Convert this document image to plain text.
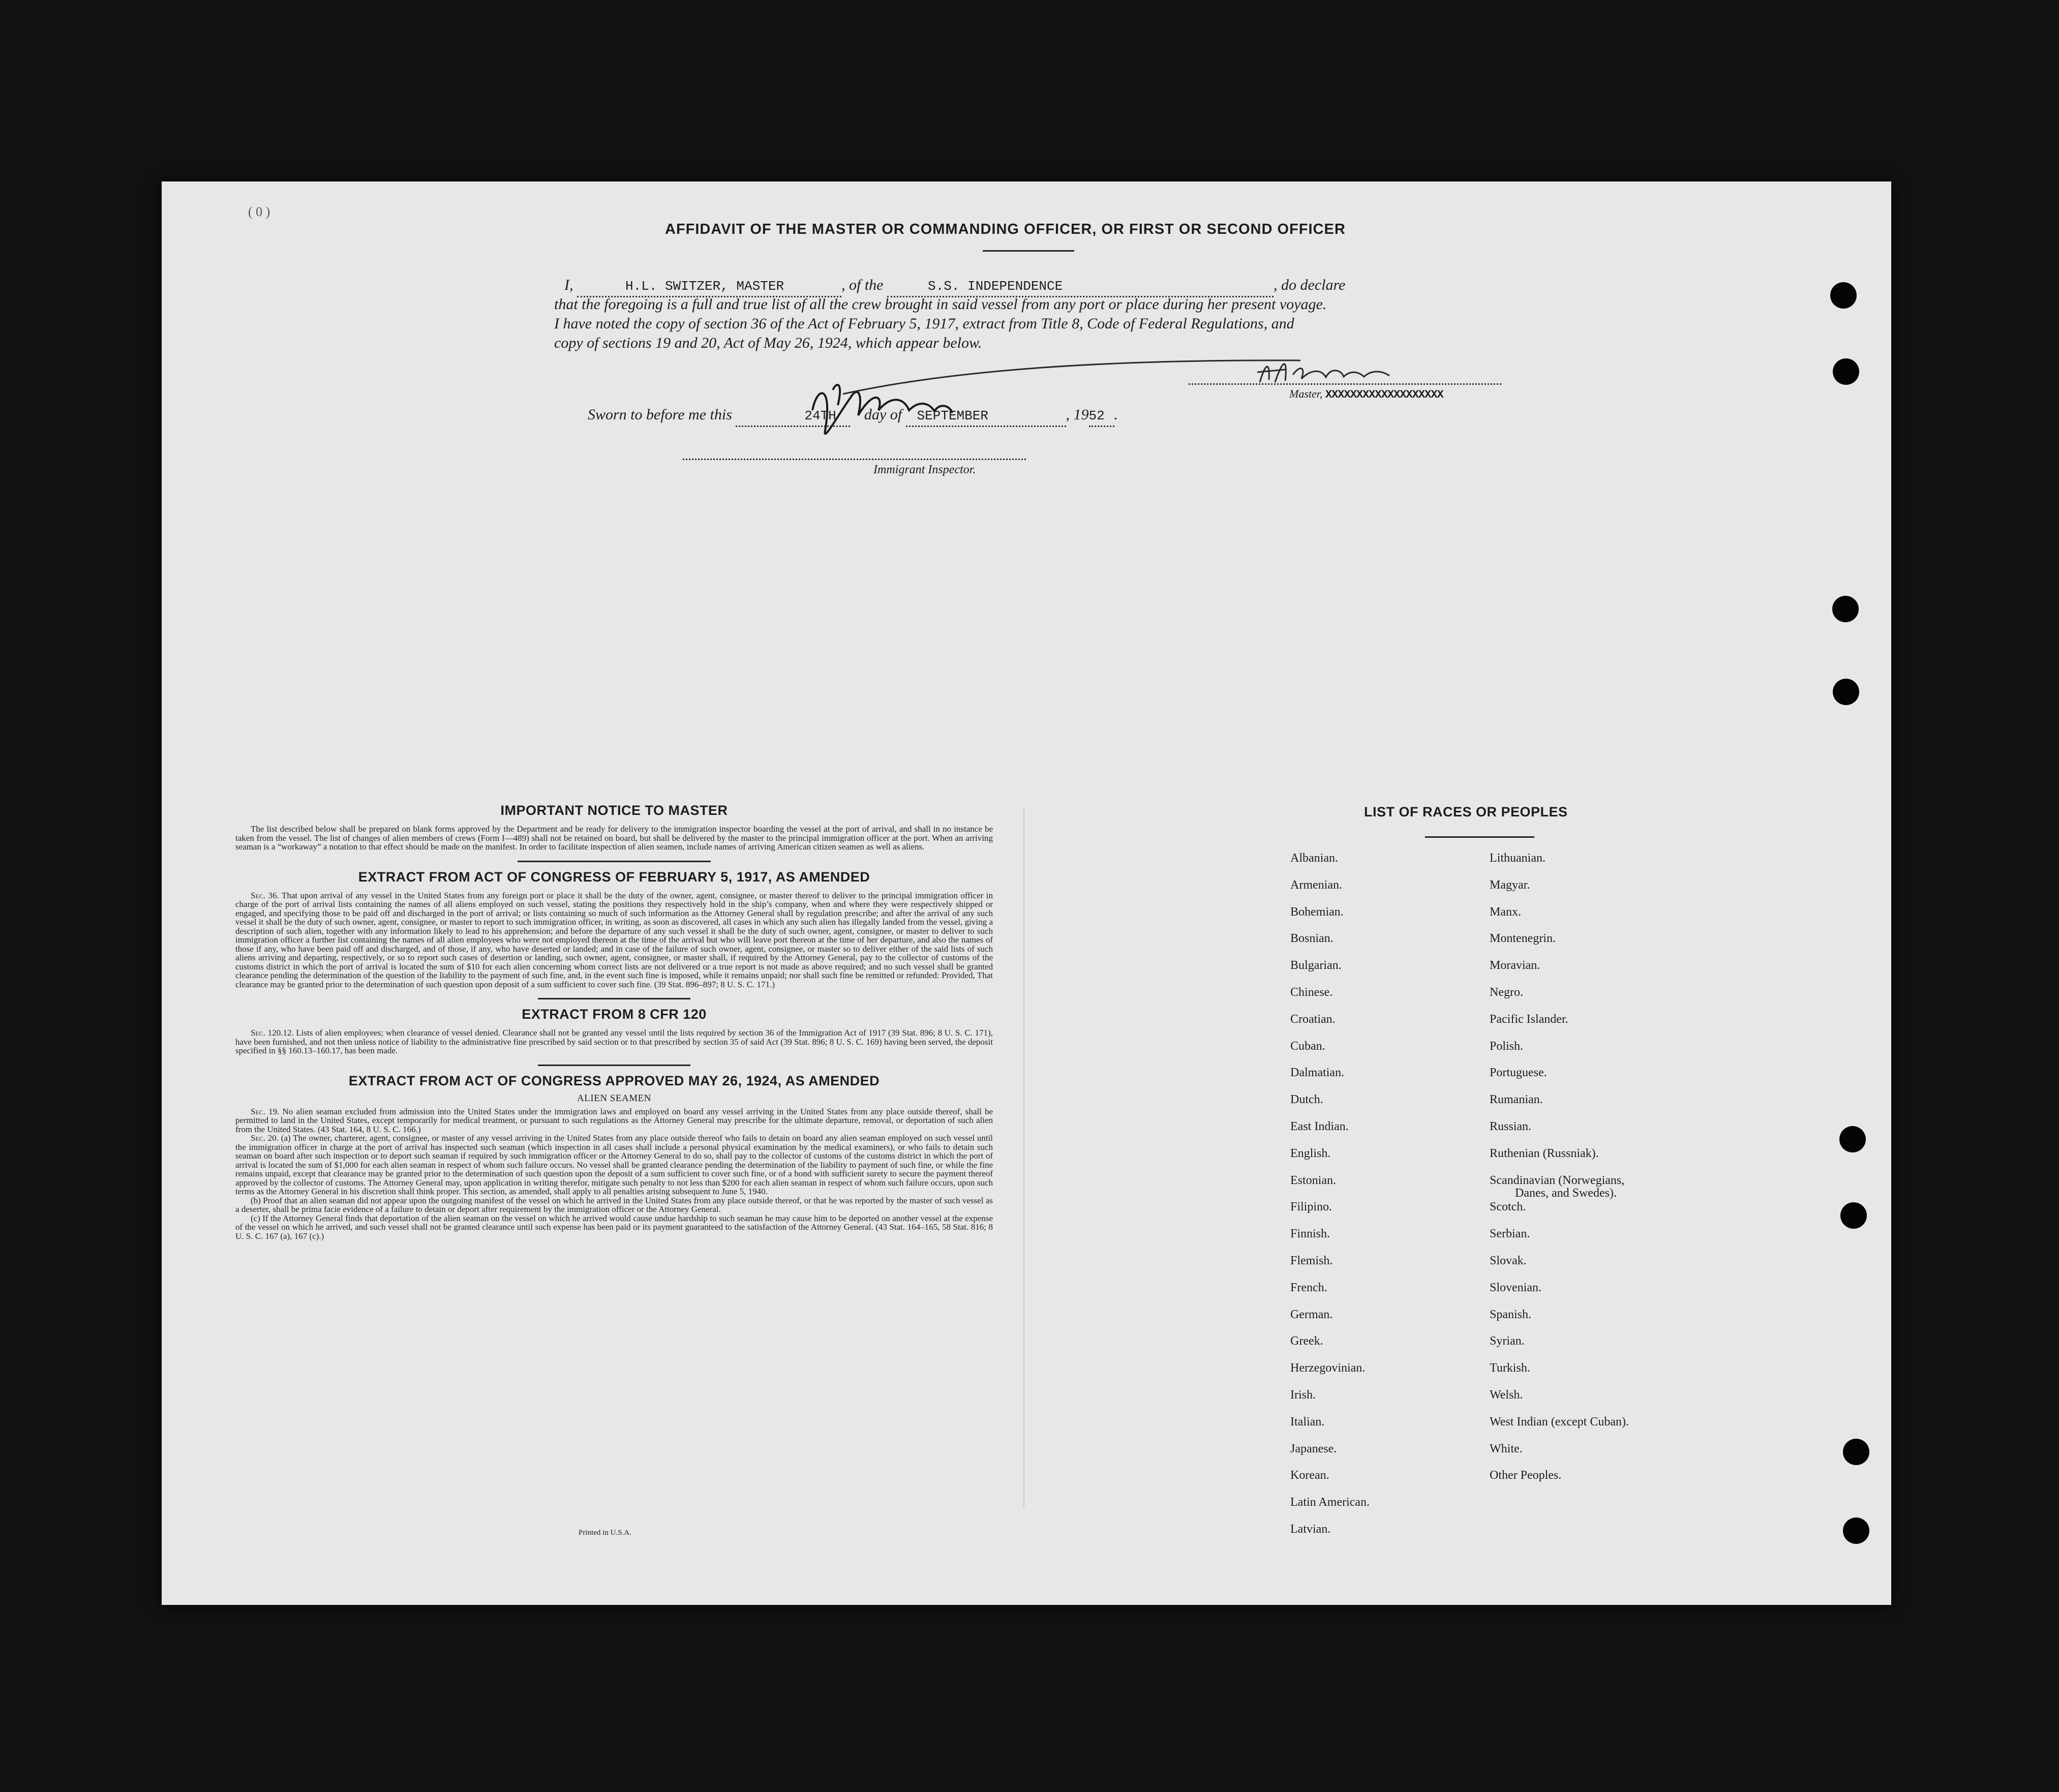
( 0 )
AFFIDAVIT OF THE MASTER OR COMMANDING OFFICER, OR FIRST OR SECOND OFFICER
I,	H.L. SWITZER, MASTER	, of the	S.S. INDEPENDENCE	, do declare
that the foregoing is a full and true list of all the crew brought in said vessel from any port or place during her present voyage.
I have noted the copy of section 36 of the Act of February 5, 1917, extract from Title 8, Code of Federal Regulations, and
copy of sections 19 and 20, Act of May 26, 1924, which appear below.
Master, XXXXXXXXXXXXXXXXXXX
Sworn to before me this	24TH day of SEPTEMBER	, 1952 .
Immigrant Inspector.
IMPORTANT NOTICE TO MASTER

The list described below shall be prepared on blank forms approved by the Department and be ready for delivery to the immigration inspector boarding the vessel at the port of arrival, and shall in no instance be taken from the vessel. The list of changes of alien members of crews (Form I—489) shall not be retained on board, but shall be delivered by the master to the principal immigration officer at the port. When an arriving seaman is a “workaway” a notation to that effect should be made on the manifest. In order to facilitate inspection of alien seamen, include names of arriving American citizen seamen as well as aliens.

EXTRACT FROM ACT OF CONGRESS OF FEBRUARY 5, 1917, AS AMENDED

Sec. 36. That upon arrival of any vessel in the United States from any foreign port or place it shall be the duty of the owner, agent, consignee, or master thereof to deliver to the principal immigration officer in charge of the port of arrival lists containing the names of all aliens employed on such vessel, stating the positions they respectively hold in the ship’s company, when and where they were respectively shipped or engaged, and specifying those to be paid off and discharged in the port of arrival; or lists containing so much of such information as the Attorney General shall by regulation prescribe; and after the arrival of any such vessel it shall be the duty of such owner, agent, consignee, or master to report to such immigration officer, in writing, as soon as discovered, all cases in which any such alien has illegally landed from the vessel, giving a description of such alien, together with any information likely to lead to his apprehension; and before the departure of any such vessel it shall be the duty of such owner, agent, consignee, or master to deliver to such immigration officer a further list containing the names of all alien employees who were not employed thereon at the time of the arrival but who will leave port thereon at the time of her departure, and also the names of those if any, who have been paid off and discharged, and of those, if any, who have deserted or landed; and in case of the failure of such owner, agent, consignee, or master so to deliver either of the said lists of such aliens arriving and departing, respectively, or so to report such cases of desertion or landing, such owner, agent, consignee, or master shall, if required by the Attorney General, pay to the collector of customs of the customs district in which the port of arrival is located the sum of $10 for each alien concerning whom correct lists are not delivered or a true report is not made as above required; and no such vessel shall be granted clearance pending the determination of the question of the liability to the payment of such fine, and, in the event such fine is imposed, while it remains unpaid; nor shall such fine be remitted or refunded: Provided, That clearance may be granted prior to the determination of such question upon deposit of a sum sufficient to cover such fine. (39 Stat. 896–897; 8 U. S. C. 171.)

EXTRACT FROM 8 CFR 120

Sec. 120.12. Lists of alien employees; when clearance of vessel denied. Clearance shall not be granted any vessel until the lists required by section 36 of the Immigration Act of 1917 (39 Stat. 896; 8 U. S. C. 171), have been furnished, and not then unless notice of liability to the administrative fine prescribed by said section or to that prescribed by section 35 of said Act (39 Stat. 896; 8 U. S. C. 169) having been served, the deposit specified in §§ 160.13–160.17, has been made.

EXTRACT FROM ACT OF CONGRESS APPROVED MAY 26, 1924, AS AMENDED
ALIEN SEAMEN

Sec. 19. No alien seaman excluded from admission into the United States under the immigration laws and employed on board any vessel arriving in the United States from any place outside thereof, shall be permitted to land in the United States, except temporarily for medical treatment, or pursuant to such regulations as the Attorney General may prescribe for the ultimate departure, removal, or deportation of such alien from the United States. (43 Stat. 164, 8 U. S. C. 166.)

Sec. 20. (a) The owner, charterer, agent, consignee, or master of any vessel arriving in the United States from any place outside thereof who fails to detain on board any alien seaman employed on such vessel until the immigration officer in charge at the port of arrival has inspected such seaman (which inspection in all cases shall include a personal physical examination by the medical examiners), or who fails to detain such seaman on board after such inspection or to deport such seaman if required by such immigration officer or the Attorney General to do so, shall pay to the collector of customs of the customs district in which the port of arrival is located the sum of $1,000 for each alien seaman in respect of whom such failure occurs. No vessel shall be granted clearance pending the determination of the liability to payment of such fine, or while the fine remains unpaid, except that clearance may be granted prior to the determination of such question upon the deposit of a sum sufficient to cover such fine, or of a bond with sufficient surety to secure the payment thereof approved by the collector of customs. The Attorney General may, upon application in writing therefor, mitigate such penalty to not less than $200 for each alien seaman in respect of whom such failure occurs, upon such terms as the Attorney General in his discretion shall think proper. This section, as amended, shall apply to all penalties arising subsequent to June 5, 1940.

(b) Proof that an alien seaman did not appear upon the outgoing manifest of the vessel on which he arrived in the United States from any place outside thereof, or that he was reported by the master of such vessel as a deserter, shall be prima facie evidence of a failure to detain or deport after requirement by the immigration officer or the Attorney General.

(c) If the Attorney General finds that deportation of the alien seaman on the vessel on which he arrived would cause undue hardship to such seaman he may cause him to be deported on another vessel at the expense of the vessel on which he arrived, and such vessel shall not be granted clearance until such expense has been paid or its payment guaranteed to the satisfaction of the Attorney General. (43 Stat. 164–165, 58 Stat. 816; 8 U. S. C. 167 (a), 167 (c).)

Printed in U.S.A.
LIST OF RACES OR PEOPLES
Albanian.
Armenian.
Bohemian.
Bosnian.
Bulgarian.
Chinese.
Croatian.
Cuban.
Dalmatian.
Dutch.
East Indian.
English.
Estonian.
Filipino.
Finnish.
Flemish.
French.
German.
Greek.
Herzegovinian.
Irish.
Italian.
Japanese.
Korean.
Latin American.
Latvian.
Lithuanian.
Magyar.
Manx.
Montenegrin.
Moravian.
Negro.
Pacific Islander.
Polish.
Portuguese.
Rumanian.
Russian.
Ruthenian (Russniak).
Scandinavian (Norwegians,
Danes, and Swedes).
Scotch.
Serbian.
Slovak.
Slovenian.
Spanish.
Syrian.
Turkish.
Welsh.
West Indian (except Cuban).
White.
Other Peoples.
